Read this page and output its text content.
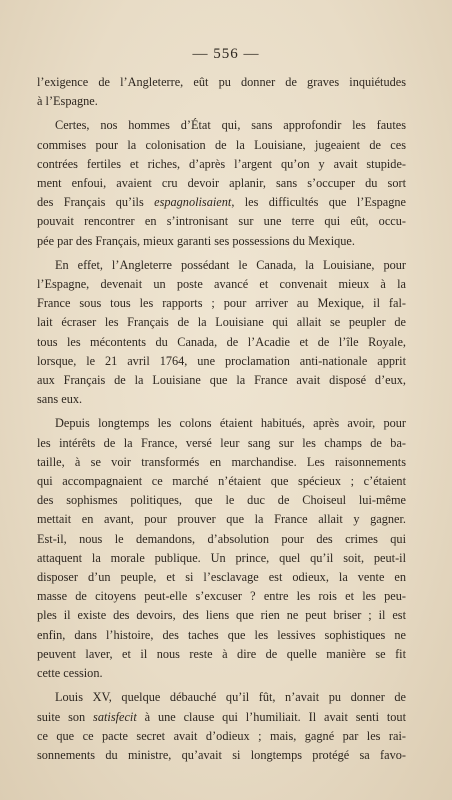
— 556 —

l’exigence de l’Angleterre, eût pu donner de graves inquiétudes
à l’Espagne.

Certes, nos hommes d’État qui, sans approfondir les fautes
commises pour la colonisation de la Louisiane, jugeaient de ces
contrées fertiles et riches, d’après l’argent qu’on y avait stupide-
ment enfoui, avaient cru devoir aplanir, sans s’occuper du sort
des Français qu’ils espagnolisaient, les difficultés que l’Espagne
pouvait rencontrer en s’intronisant sur une terre qui eût, occu-
pée par des Français, mieux garanti ses possessions du Mexique.

En effet, l’Angleterre possédant le Canada, la Louisiane, pour
l’Espagne, devenait un poste avancé et convenait mieux à la
France sous tous les rapports ; pour arriver au Mexique, il fal-
lait écraser les Français de la Louisiane qui allait se peupler de
tous les mécontents du Canada, de l’Acadie et de l’île Royale,
lorsque, le 21 avril 1764, une proclamation anti-nationale apprit
aux Français de la Louisiane que la France avait disposé d’eux,
sans eux.

Depuis longtemps les colons étaient habitués, après avoir, pour
les intérêts de la France, versé leur sang sur les champs de ba-
taille, à se voir transformés en marchandise. Les raisonnements
qui accompagnaient ce marché n’étaient que spécieux ; c’étaient
des sophismes politiques, que le duc de Choiseul lui-même
mettait en avant, pour prouver que la France allait y gagner.
Est-il, nous le demandons, d’absolution pour des crimes qui
attaquent la morale publique. Un prince, quel qu’il soit, peut-il
disposer d’un peuple, et si l’esclavage est odieux, la vente en
masse de citoyens peut-elle s’excuser ? entre les rois et les peu-
ples il existe des devoirs, des liens que rien ne peut briser ; il est
enfin, dans l’histoire, des taches que les lessives sophistiques ne
peuvent laver, et il nous reste à dire de quelle manière se fit
cette cession.

Louis XV, quelque débauché qu’il fût, n’avait pu donner de
suite son satisfecit à une clause qui l’humiliait. Il avait senti tout
ce que ce pacte secret avait d’odieux ; mais, gagné par les rai-
sonnements du ministre, qu’avait si longtemps protégé sa favo-
